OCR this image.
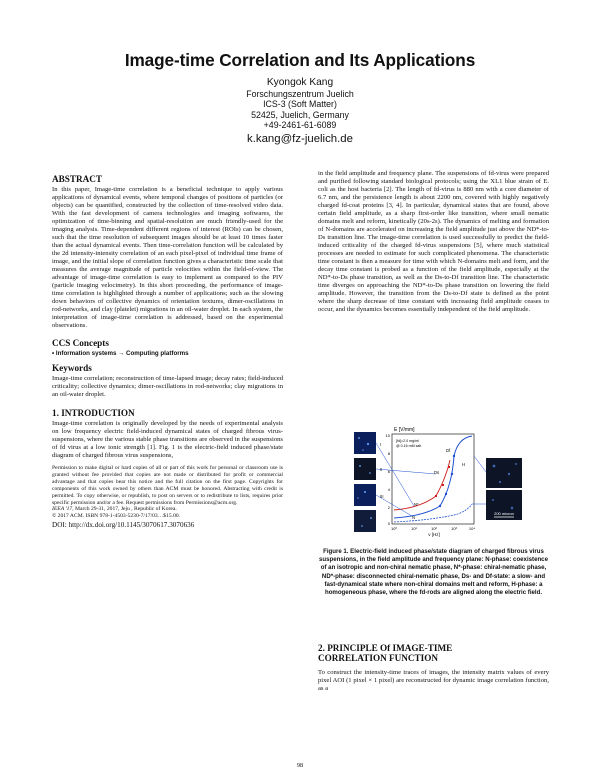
Image-time Correlation and Its Applications
Kyongok Kang
Forschungszentrum Juelich
ICS-3 (Soft Matter)
52425, Juelich, Germany
+49-2461-61-6089
k.kang@fz-juelich.de
ABSTRACT

In this paper, Image-time correlation is a beneficial technique to apply various applications of dynamical events, where temporal changes of positions of particles (or objects) can be quantified, constructed by the collection of time-resolved video data. With the fast development of camera technologies and imaging softwares, the optimization of time-binning and spatial-resolution are much friendly-used for the imaging analysis. Time-dependent different regions of interest (ROIs) can be chosen, such that the time resolution of subsequent images should be at least 10 times faster than the actual dynamical events. Then time-correlation function will be calculated by the 2d intensity-intensity correlation of an each pixel-pixel of individual time frame of image, and the initial slope of correlation function gives a characteristic time scale that measures the average magnitude of particle velocities within the field-of-view. The advantage of image-time correlation is easy to implement as compared to the PIV (particle imaging velocimetry). In this short proceeding, the performance of image-time correlation is highlighted through a number of applications; such as the slowing down behaviors of collective dynamics of orientation textures, dimer-oscillations in rod-networks, and clay (platelet) migrations in an oil-water droplet. In each system, the interpretation of image-time correlation is addressed, based on the experimental observations.

CCS Concepts
• Information systems → Computing platforms
Keywords

Image-time correlation; reconstruction of time-lapsed image; decay rates; field-induced criticality; collective dynamics; dimer-oscillations in rod-networks; clay migrations in an oil-water droplet.

1. INTRODUCTION

Image-time correlation is originally developed by the needs of experimental analysis on low frequency electric field-induced dynamical states of charged fibrous virus-suspensions, where the various stable phase transitions are observed in the suspensions of fd virus at a low ionic strength [1]. Fig. 1 is the electric-field induced phase/state diagram of charged fibrous virus suspensions,

Permission to make digital or hard copies of all or part of this work for personal or classroom use is granted without fee provided that copies are not made or distributed for profit or commercial advantage and that copies bear this notice and the full citation on the first page. Copyrights for components of this work owned by others than ACM must be honored. Abstracting with credit is permitted. To copy otherwise, or republish, to post on servers or to redistribute to lists, requires prior specific permission and/or a fee. Request permissions from Permissions@acm.org.
IEEA '17, March 29-31, 2017, Jeju , Republic of Korea.
© 2017 ACM. ISBN 978-1-4503-5230-7/17/03…$15.00.
DOI: http://dx.doi.org/10.1145/3070617.3070636

in the field amplitude and frequency plane. The suspensions of fd-virus were prepared and purified following standard biological protocols; using the XL1 blue strain of E. coli as the host bacteria [2]. The length of fd-virus is 880 nm with a core diameter of 6.7 nm, and the persistence length is about 2200 nm, covered with highly negatively charged fd-coat proteins [3, 4]. In particular, dynamical states that are found, above certain field amplitude, as a sharp first-order like transition, where small nematic domains melt and reform, kinetically (20s-2s). The dynamics of melting and formation of N-domains are accelerated on increasing the field amplitude just above the ND*-to-Ds transition line. The image-time correlation is used successfully to predict the field-induced criticality of the charged fd-virus suspensions [5], where much statistical processes are needed to estimate for such complicated phenomena. The characteristic time constant is then a measure for time with which N-domains melt and form, and the decay time constant is probed as a function of the field amplitude, especially at the ND*-to-Ds phase transition, as well as the Ds-to-Df transition line. The characteristic time diverges on approaching the ND*-to-Ds phase transition on lowering the field amplitude. However, the transition from the Ds-to-Df state is defined as the point where the sharp decrease of time constant with increasing field amplitude ceases to occur, and the dynamics becomes essentially independent of the field amplitude.

200 micron
E [V/mm]
10
8
6
4
2
0
10⁰	10¹	10²	10³	10⁴
ν [Hz]
[fd]=2.0 mg/ml
@ 0.16 mM salt
N
N*
Ds
Df
H
I
II
III
Figure 1. Electric-field induced phase/state diagram of charged fibrous virus suspensions, in the field amplitude and frequency plane: N-phase: coexistence of an isotropic and non-chiral nematic phase, N*-phase: chiral-nematic phase, ND*-phase: disconnected chiral-nematic phase, Ds- and Df-state: a slow- and fast-dynamical state where non-chiral domains melt and reform, H-phase: a homogeneous phase, where the fd-rods are aligned along the electric field.
2. PRINCIPLE Of IMAGE-TIME
CORRELATION FUNCTION

To construct the intensity-time traces of images, the intensity matrix values of every pixel AOI (1 pixel × 1 pixel) are reconstructed for dynamic image correlation function, as a

98
